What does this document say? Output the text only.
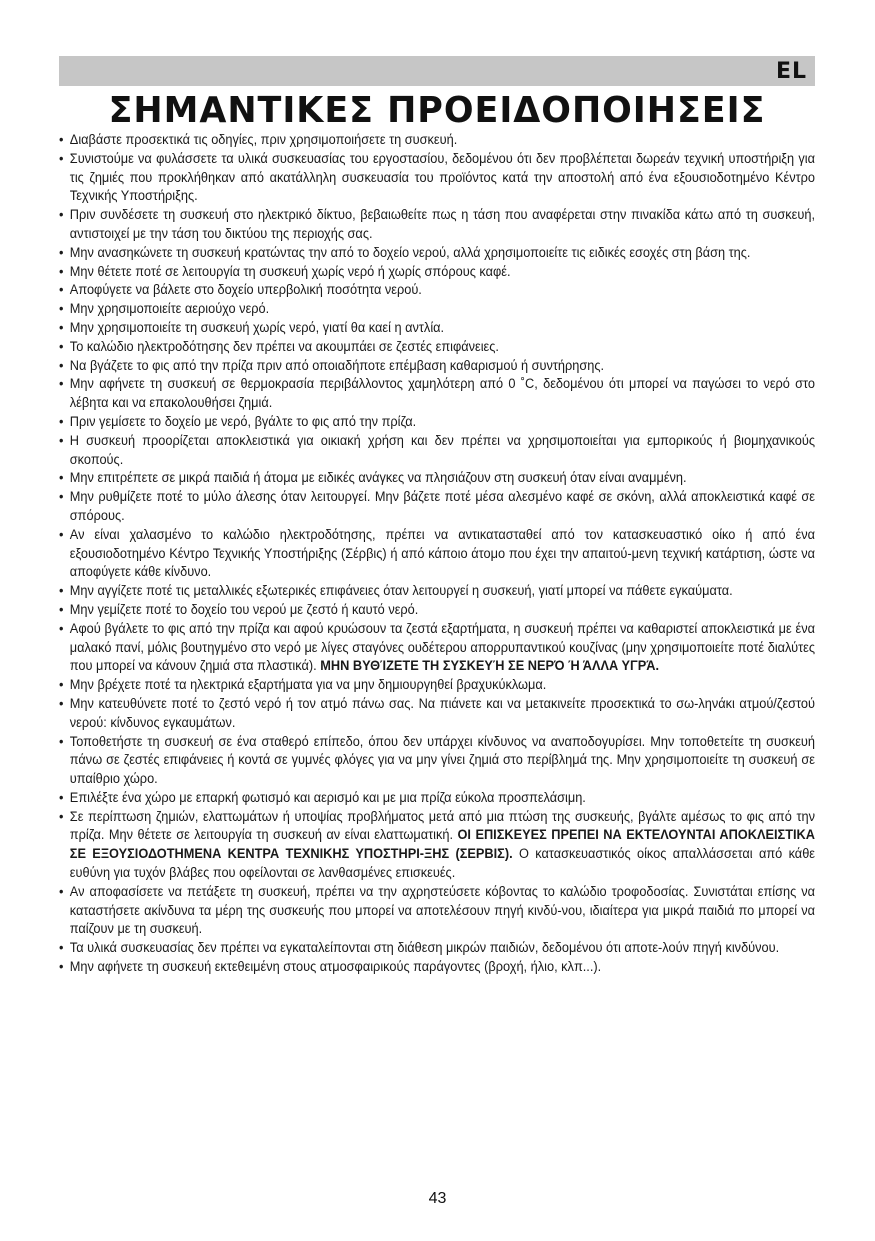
EL
ΣΗΜΑΝΤΙΚΕΣ ΠΡΟΕΙΔΟΠΟΙΗΣΕΙΣ
• Διαβάστε προσεκτικά τις οδηγίες, πριν χρησιμοποιήσετε τη συσκευή.
• Συνιστούμε να φυλάσσετε τα υλικά συσκευασίας του εργοστασίου, δεδομένου ότι δεν προβλέπεται δωρεάν τεχνική υποστήριξη για τις ζημιές που προκλήθηκαν από ακατάλληλη συσκευασία του προϊόντος κατά την αποστολή από ένα εξουσιοδοτημένο Κέντρο Τεχνικής Υποστήριξης.
• Πριν συνδέσετε τη συσκευή στο ηλεκτρικό δίκτυο, βεβαιωθείτε πως η τάση που αναφέρεται στην πινακίδα κάτω από τη συσκευή, αντιστοιχεί με την τάση του δικτύου της περιοχής σας.
• Μην ανασηκώνετε τη συσκευή κρατώντας την από το δοχείο νερού, αλλά χρησιμοποιείτε τις ειδικές εσοχές στη βάση της.
• Μην θέτετε ποτέ σε λειτουργία τη συσκευή χωρίς νερό ή χωρίς σπόρους καφέ.
• Αποφύγετε να βάλετε στο δοχείο υπερβολική ποσότητα νερού.
• Μην χρησιμοποιείτε αεριούχο νερό.
• Μην χρησιμοποιείτε τη συσκευή χωρίς νερό, γιατί θα καεί η αντλία.
• Το καλώδιο ηλεκτροδότησης δεν πρέπει να ακουμπάει σε ζεστές επιφάνειες.
• Να βγάζετε το φις από την πρίζα πριν από οποιαδήποτε επέμβαση καθαρισμού ή συντήρησης.
• Μην αφήνετε τη συσκευή σε θερμοκρασία περιβάλλοντος χαμηλότερη από 0 ˚C, δεδομένου ότι μπορεί να παγώσει το νερό στο λέβητα και να επακολουθήσει ζημιά.
• Πριν γεμίσετε το δοχείο με νερό, βγάλτε το φις από την πρίζα.
• Η συσκευή προορίζεται αποκλειστικά για οικιακή χρήση και δεν πρέπει να χρησιμοποιείται για εμπορικούς ή βιομηχανικούς σκοπούς.
• Μην επιτρέπετε σε μικρά παιδιά ή άτομα με ειδικές ανάγκες να πλησιάζουν στη συσκευή όταν είναι αναμμένη.
• Μην ρυθμίζετε ποτέ το μύλο άλεσης όταν λειτουργεί. Μην βάζετε ποτέ μέσα αλεσμένο καφέ σε σκόνη, αλλά αποκλειστικά καφέ σε σπόρους.
• Αν είναι χαλασμένο το καλώδιο ηλεκτροδότησης, πρέπει να αντικατασταθεί από τον κατασκευαστικό οίκο ή από ένα εξουσιοδοτημένο Κέντρο Τεχνικής Υποστήριξης (Σέρβις) ή από κάποιο άτομο που έχει την απαιτού-μενη τεχνική κατάρτιση, ώστε να αποφύγετε κάθε κίνδυνο.
• Μην αγγίζετε ποτέ τις μεταλλικές εξωτερικές επιφάνειες όταν λειτουργεί η συσκευή, γιατί μπορεί να πάθετε εγκαύματα.
• Μην γεμίζετε ποτέ το δοχείο του νερού με ζεστό ή καυτό νερό.
• Αφού βγάλετε το φις από την πρίζα και αφού κρυώσουν τα ζεστά εξαρτήματα, η συσκευή πρέπει να καθαριστεί αποκλειστικά με ένα μαλακό πανί, μόλις βουτηγμένο στο νερό με λίγες σταγόνες ουδέτερου απορρυπαντικού κουζίνας (μην χρησιμοποιείτε ποτέ διαλύτες που μπορεί να κάνουν ζημιά στα πλαστικά). ΜΗΝ ΒΥΘΊΖΕΤΕ ΤΗ ΣΥΣΚΕΥΉ ΣΕ ΝΕΡΌ Ή ΆΛΛΑ ΥΓΡΆ.
• Μην βρέχετε ποτέ τα ηλεκτρικά εξαρτήματα για να μην δημιουργηθεί βραχυκύκλωμα.
• Μην κατευθύνετε ποτέ το ζεστό νερό ή τον ατμό πάνω σας. Να πιάνετε και να μετακινείτε προσεκτικά το σω-ληνάκι ατμού/ζεστού νερού: κίνδυνος εγκαυμάτων.
• Τοποθετήστε τη συσκευή σε ένα σταθερό επίπεδο, όπου δεν υπάρχει κίνδυνος να αναποδογυρίσει. Μην τοποθετείτε τη συσκευή πάνω σε ζεστές επιφάνειες ή κοντά σε γυμνές φλόγες για να μην γίνει ζημιά στο περίβλημά της. Μην χρησιμοποιείτε τη συσκευή σε υπαίθριο χώρο.
• Επιλέξτε ένα χώρο με επαρκή φωτισμό και αερισμό και με μια πρίζα εύκολα προσπελάσιμη.
• Σε περίπτωση ζημιών, ελαττωμάτων ή υποψίας προβλήματος μετά από μια πτώση της συσκευής, βγάλτε αμέσως το φις από την πρίζα. Μην θέτετε σε λειτουργία τη συσκευή αν είναι ελαττωματική. ΟΙ ΕΠΙΣΚΕΥΕΣ ΠΡΕΠΕΙ ΝΑ ΕΚΤΕΛΟΥΝΤΑΙ ΑΠΟΚΛΕΙΣΤΙΚΑ ΣΕ ΕΞΟΥΣΙΟΔΟΤΗΜΕΝΑ ΚΕΝΤΡΑ ΤΕΧΝΙΚΗΣ ΥΠΟΣΤΗΡΙ-ΞΗΣ (ΣΕΡΒΙΣ). Ο κατασκευαστικός οίκος απαλλάσσεται από κάθε ευθύνη για τυχόν βλάβες που οφείλονται σε λανθασμένες επισκευές.
• Αν αποφασίσετε να πετάξετε τη συσκευή, πρέπει να την αχρηστεύσετε κόβοντας το καλώδιο τροφοδοσίας. Συνιστάται επίσης να καταστήσετε ακίνδυνα τα μέρη της συσκευής που μπορεί να αποτελέσουν πηγή κινδύ-νου, ιδιαίτερα για μικρά παιδιά πο μπορεί να παίζουν με τη συσκευή.
• Τα υλικά συσκευασίας δεν πρέπει να εγκαταλείπονται στη διάθεση μικρών παιδιών, δεδομένου ότι αποτε-λούν πηγή κινδύνου.
• Μην αφήνετε τη συσκευή εκτεθειμένη στους ατμοσφαιρικούς παράγοντες (βροχή, ήλιο, κλπ...).
43
